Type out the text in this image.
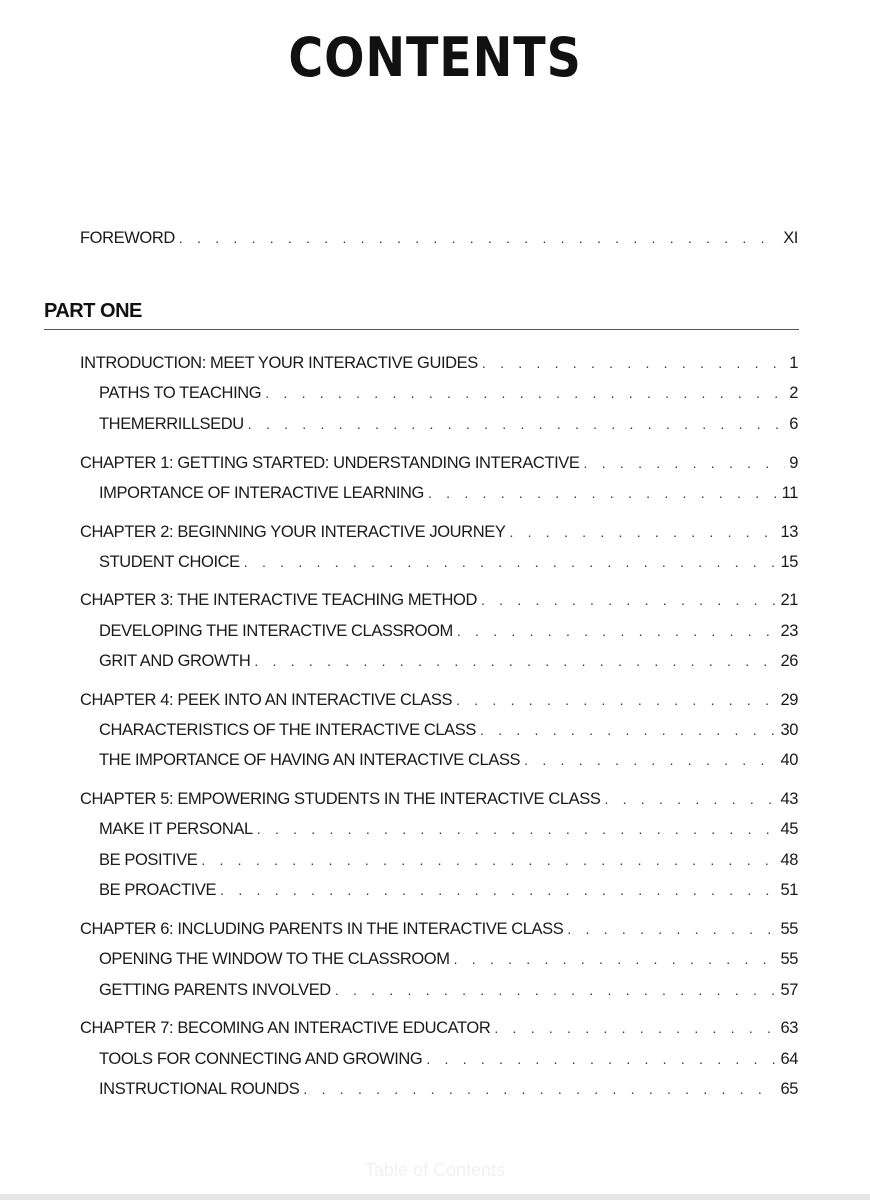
CONTENTS
FOREWORD . . .	XI
PART ONE
INTRODUCTION: MEET YOUR INTERACTIVE GUIDES . . .	1
PATHS TO TEACHING . . .	2
THEMERRILLSEDU . . .	6
CHAPTER 1: GETTING STARTED: UNDERSTANDING INTERACTIVE . . .	9
IMPORTANCE OF INTERACTIVE LEARNING . . .	11
CHAPTER 2: BEGINNING YOUR INTERACTIVE JOURNEY . . .	13
STUDENT CHOICE . . .	15
CHAPTER 3: THE INTERACTIVE TEACHING METHOD . . .	21
DEVELOPING THE INTERACTIVE CLASSROOM . . .	23
GRIT AND GROWTH . . .	26
CHAPTER 4: PEEK INTO AN INTERACTIVE CLASS . . .	29
CHARACTERISTICS OF THE INTERACTIVE CLASS . . .	30
THE IMPORTANCE OF HAVING AN INTERACTIVE CLASS . . .	40
CHAPTER 5: EMPOWERING STUDENTS IN THE INTERACTIVE CLASS . . .	43
MAKE IT PERSONAL . . .	45
BE POSITIVE . . .	48
BE PROACTIVE . . .	51
CHAPTER 6: INCLUDING PARENTS IN THE INTERACTIVE CLASS . . .	55
OPENING THE WINDOW TO THE CLASSROOM . . .	55
GETTING PARENTS INVOLVED . . .	57
CHAPTER 7: BECOMING AN INTERACTIVE EDUCATOR . . .	63
TOOLS FOR CONNECTING AND GROWING . . .	64
INSTRUCTIONAL ROUNDS . . .	65
Table of Contents
